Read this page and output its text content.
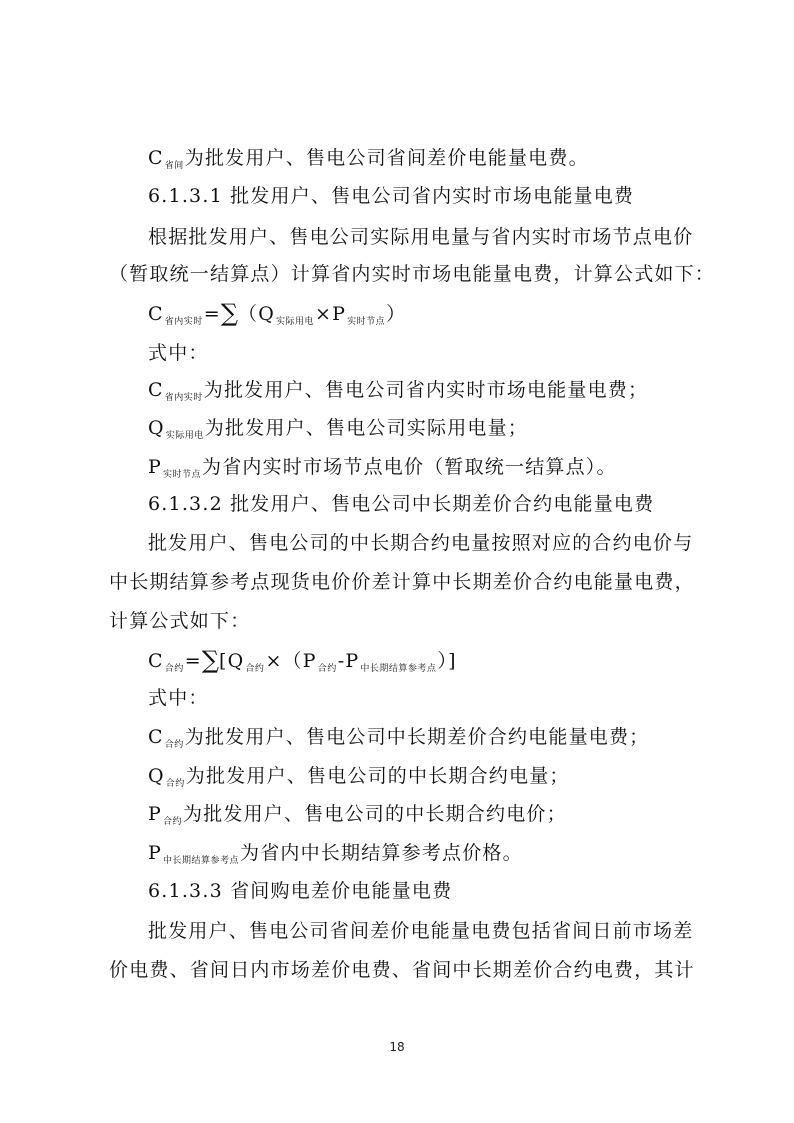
$C_{省间}$为批发用户、售电公司省间差价电能量电费。
6.1.3.1 批发用户、售电公司省内实时市场电能量电费
根据批发用户、售电公司实际用电量与省内实时市场节点电价
（暂取统一结算点）计算省内实时市场电能量电费，计算公式如下：
$C_{省内实时}=\sum(Q_{实际用电}\times P_{实时节点})$
式中：
$C_{省内实时}$为批发用户、售电公司省内实时市场电能量电费；
$Q_{实际用电}$为批发用户、售电公司实际用电量；
$P_{实时节点}$为省内实时市场节点电价（暂取统一结算点）。
6.1.3.2 批发用户、售电公司中长期差价合约电能量电费
批发用户、售电公司的中长期合约电量按照对应的合约电价与
中长期结算参考点现货电价价差计算中长期差价合约电能量电费，
计算公式如下：
$C_{合约}=\sum[Q_{合约}\times(P_{合约}-P_{中长期结算参考点})]$
式中：
$C_{合约}$为批发用户、售电公司中长期差价合约电能量电费；
$Q_{合约}$为批发用户、售电公司的中长期合约电量；
$P_{合约}$为批发用户、售电公司的中长期合约电价；
$P_{中长期结算参考点}$为省内中长期结算参考点价格。
6.1.3.3 省间购电差价电能量电费
批发用户、售电公司省间差价电能量电费包括省间日前市场差
价电费、省间日内市场差价电费、省间中长期差价合约电费，其计
18
